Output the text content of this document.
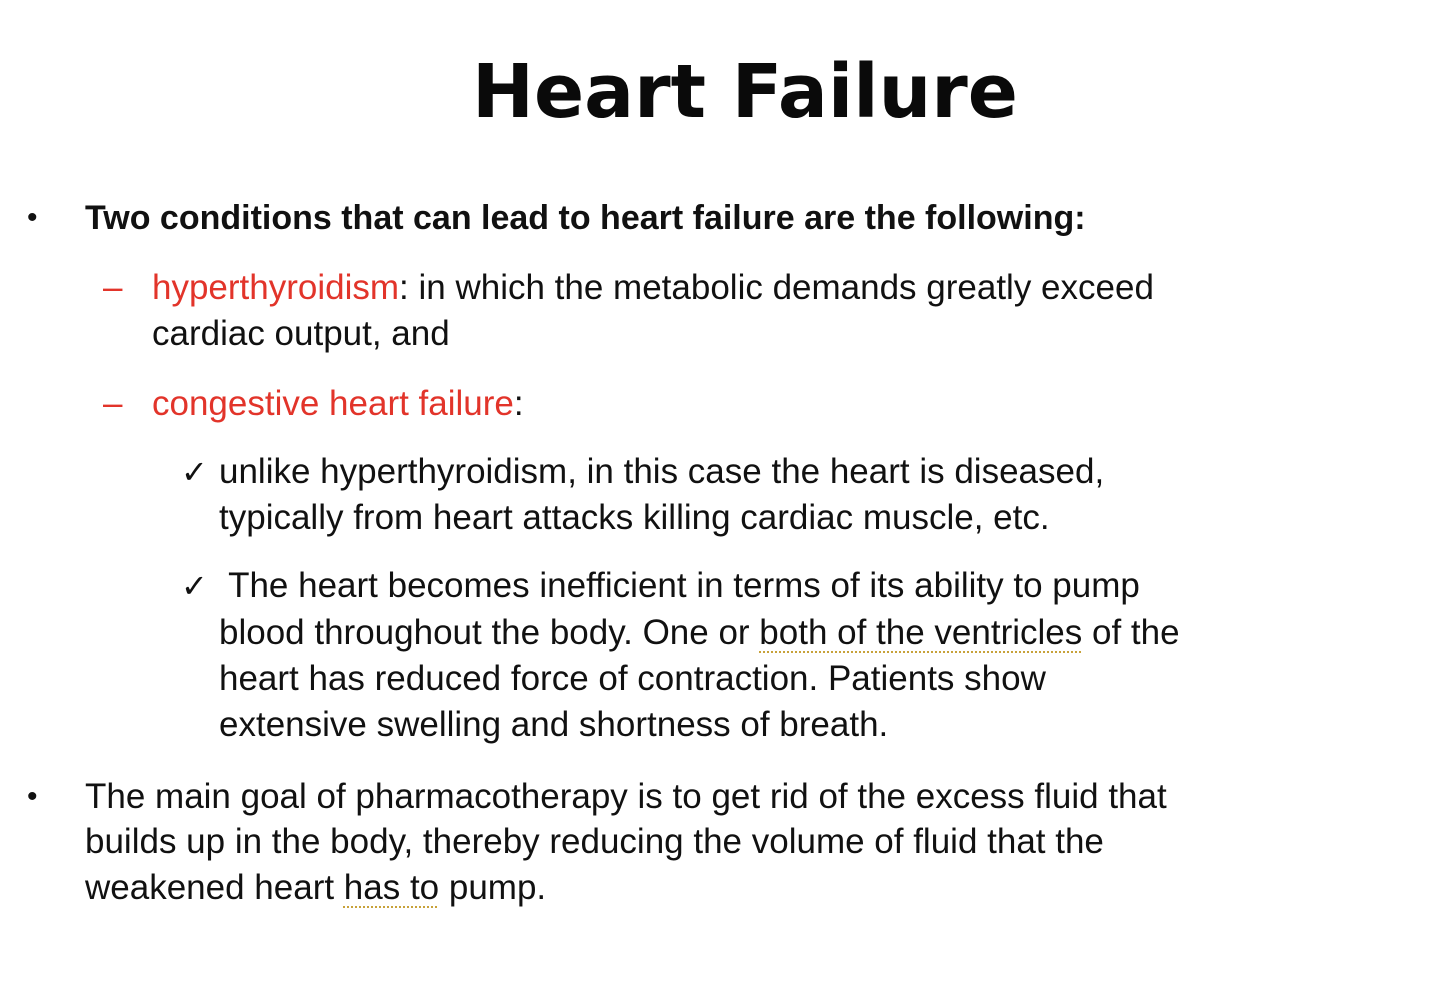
Heart Failure
• Two conditions that can lead to heart failure are the following:
– hyperthyroidism: in which the metabolic demands greatly exceed
cardiac output, and
– congestive heart failure:
✓ unlike hyperthyroidism, in this case the heart is diseased,
typically from heart attacks killing cardiac muscle, etc.
✓ The heart becomes inefficient in terms of its ability to pump
blood throughout the body. One or both of the ventricles of the
heart has reduced force of contraction. Patients show
extensive swelling and shortness of breath.
• The main goal of pharmacotherapy is to get rid of the excess fluid that
builds up in the body, thereby reducing the volume of fluid that the
weakened heart has to pump.
